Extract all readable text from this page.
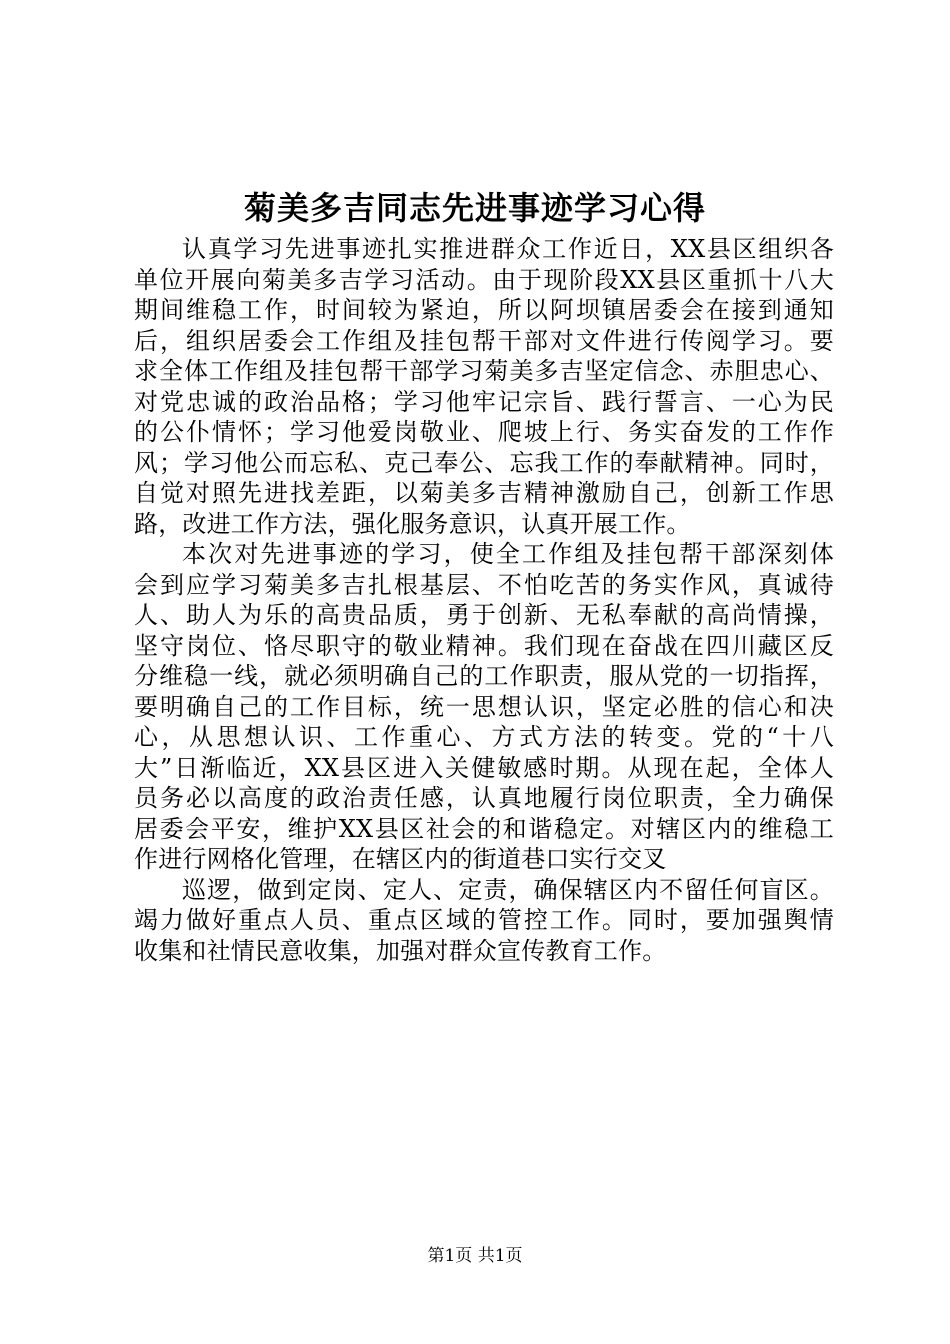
菊美多吉同志先进事迹学习心得
认真学习先进事迹扎实推进群众工作近日，XX县区组织各
单位开展向菊美多吉学习活动。由于现阶段XX县区重抓十八大
期间维稳工作，时间较为紧迫，所以阿坝镇居委会在接到通知
后，组织居委会工作组及挂包帮干部对文件进行传阅学习。要
求全体工作组及挂包帮干部学习菊美多吉坚定信念、赤胆忠心、
对党忠诚的政治品格；学习他牢记宗旨、践行誓言、一心为民
的公仆情怀；学习他爱岗敬业、爬坡上行、务实奋发的工作作
风；学习他公而忘私、克己奉公、忘我工作的奉献精神。同时，
自觉对照先进找差距，以菊美多吉精神激励自己，创新工作思
路，改进工作方法，强化服务意识，认真开展工作。
本次对先进事迹的学习，使全工作组及挂包帮干部深刻体
会到应学习菊美多吉扎根基层、不怕吃苦的务实作风，真诚待
人、助人为乐的高贵品质，勇于创新、无私奉献的高尚情操，
坚守岗位、恪尽职守的敬业精神。我们现在奋战在四川藏区反
分维稳一线，就必须明确自己的工作职责，服从党的一切指挥，
要明确自己的工作目标，统一思想认识，坚定必胜的信心和决
心，从思想认识、工作重心、方式方法的转变。党的“十八
大”日渐临近，XX县区进入关健敏感时期。从现在起，全体人
员务必以高度的政治责任感，认真地履行岗位职责，全力确保
居委会平安，维护XX县区社会的和谐稳定。对辖区内的维稳工
作进行网格化管理，在辖区内的街道巷口实行交叉
巡逻，做到定岗、定人、定责，确保辖区内不留任何盲区。
竭力做好重点人员、重点区域的管控工作。同时，要加强舆情
收集和社情民意收集，加强对群众宣传教育工作。
第1页 共1页
